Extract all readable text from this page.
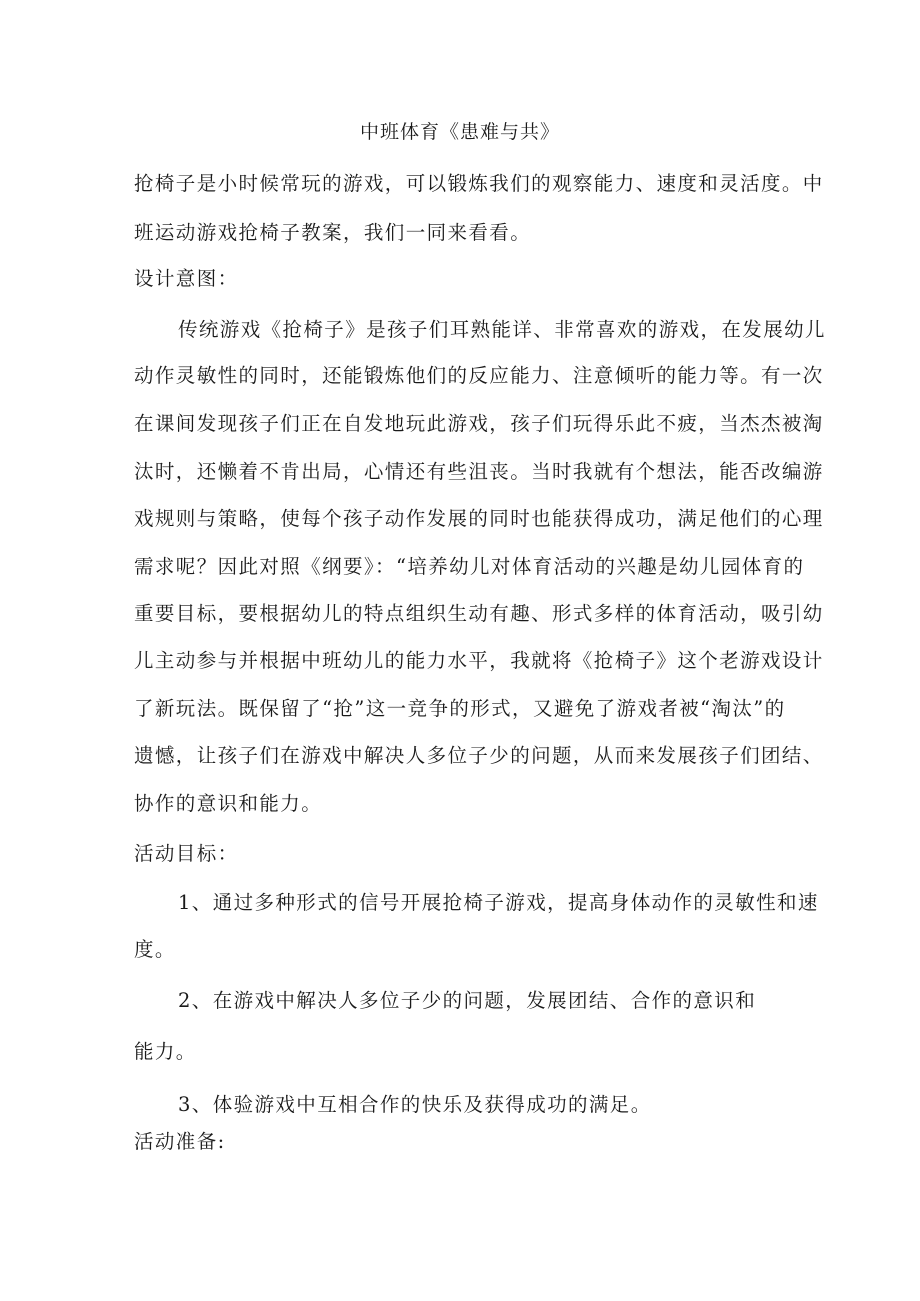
中班体育《患难与共》

抢椅子是小时候常玩的游戏，可以锻炼我们的观察能力、速度和灵活度。中

班运动游戏抢椅子教案，我们一同来看看。

设计意图：

传统游戏《抢椅子》是孩子们耳熟能详、非常喜欢的游戏，在发展幼儿

动作灵敏性的同时，还能锻炼他们的反应能力、注意倾听的能力等。有一次

在课间发现孩子们正在自发地玩此游戏，孩子们玩得乐此不疲，当杰杰被淘

汰时，还懒着不肯出局，心情还有些沮丧。当时我就有个想法，能否改编游

戏规则与策略，使每个孩子动作发展的同时也能获得成功，满足他们的心理

需求呢？因此对照《纲要》：“培养幼儿对体育活动的兴趣是幼儿园体育的

重要目标，要根据幼儿的特点组织生动有趣、形式多样的体育活动，吸引幼

儿主动参与并根据中班幼儿的能力水平，我就将《抢椅子》这个老游戏设计

了新玩法。既保留了“抢”这一竞争的形式，又避免了游戏者被“淘汰”的

遗憾，让孩子们在游戏中解决人多位子少的问题，从而来发展孩子们团结、

协作的意识和能力。

活动目标：

1、通过多种形式的信号开展抢椅子游戏，提高身体动作的灵敏性和速

度。

2、在游戏中解决人多位子少的问题，发展团结、合作的意识和

能力。

3、体验游戏中互相合作的快乐及获得成功的满足。

活动准备:
